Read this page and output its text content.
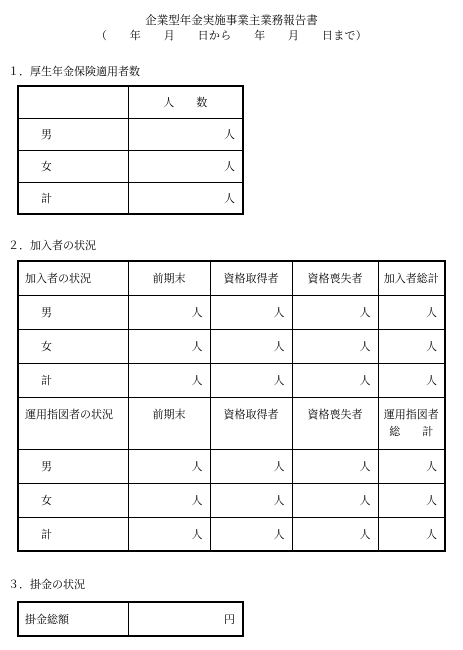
企業型年金実施事業主業務報告書
（　　年　　月　　日から　　年　　月　　日まで）
１．厚生年金保険適用者数
	人　　数
男	人
女	人
計	人
２．加入者の状況
加入者の状況	前期末	資格取得者	資格喪失者	加入者総計
男	人	人	人	人
女	人	人	人	人
計	人	人	人	人
運用指図者の状況	前期末	資格取得者	資格喪失者	運用指図者
総　　計

男	人	人	人	人
女	人	人	人	人
計	人	人	人	人
３．掛金の状況
掛金総額	円
